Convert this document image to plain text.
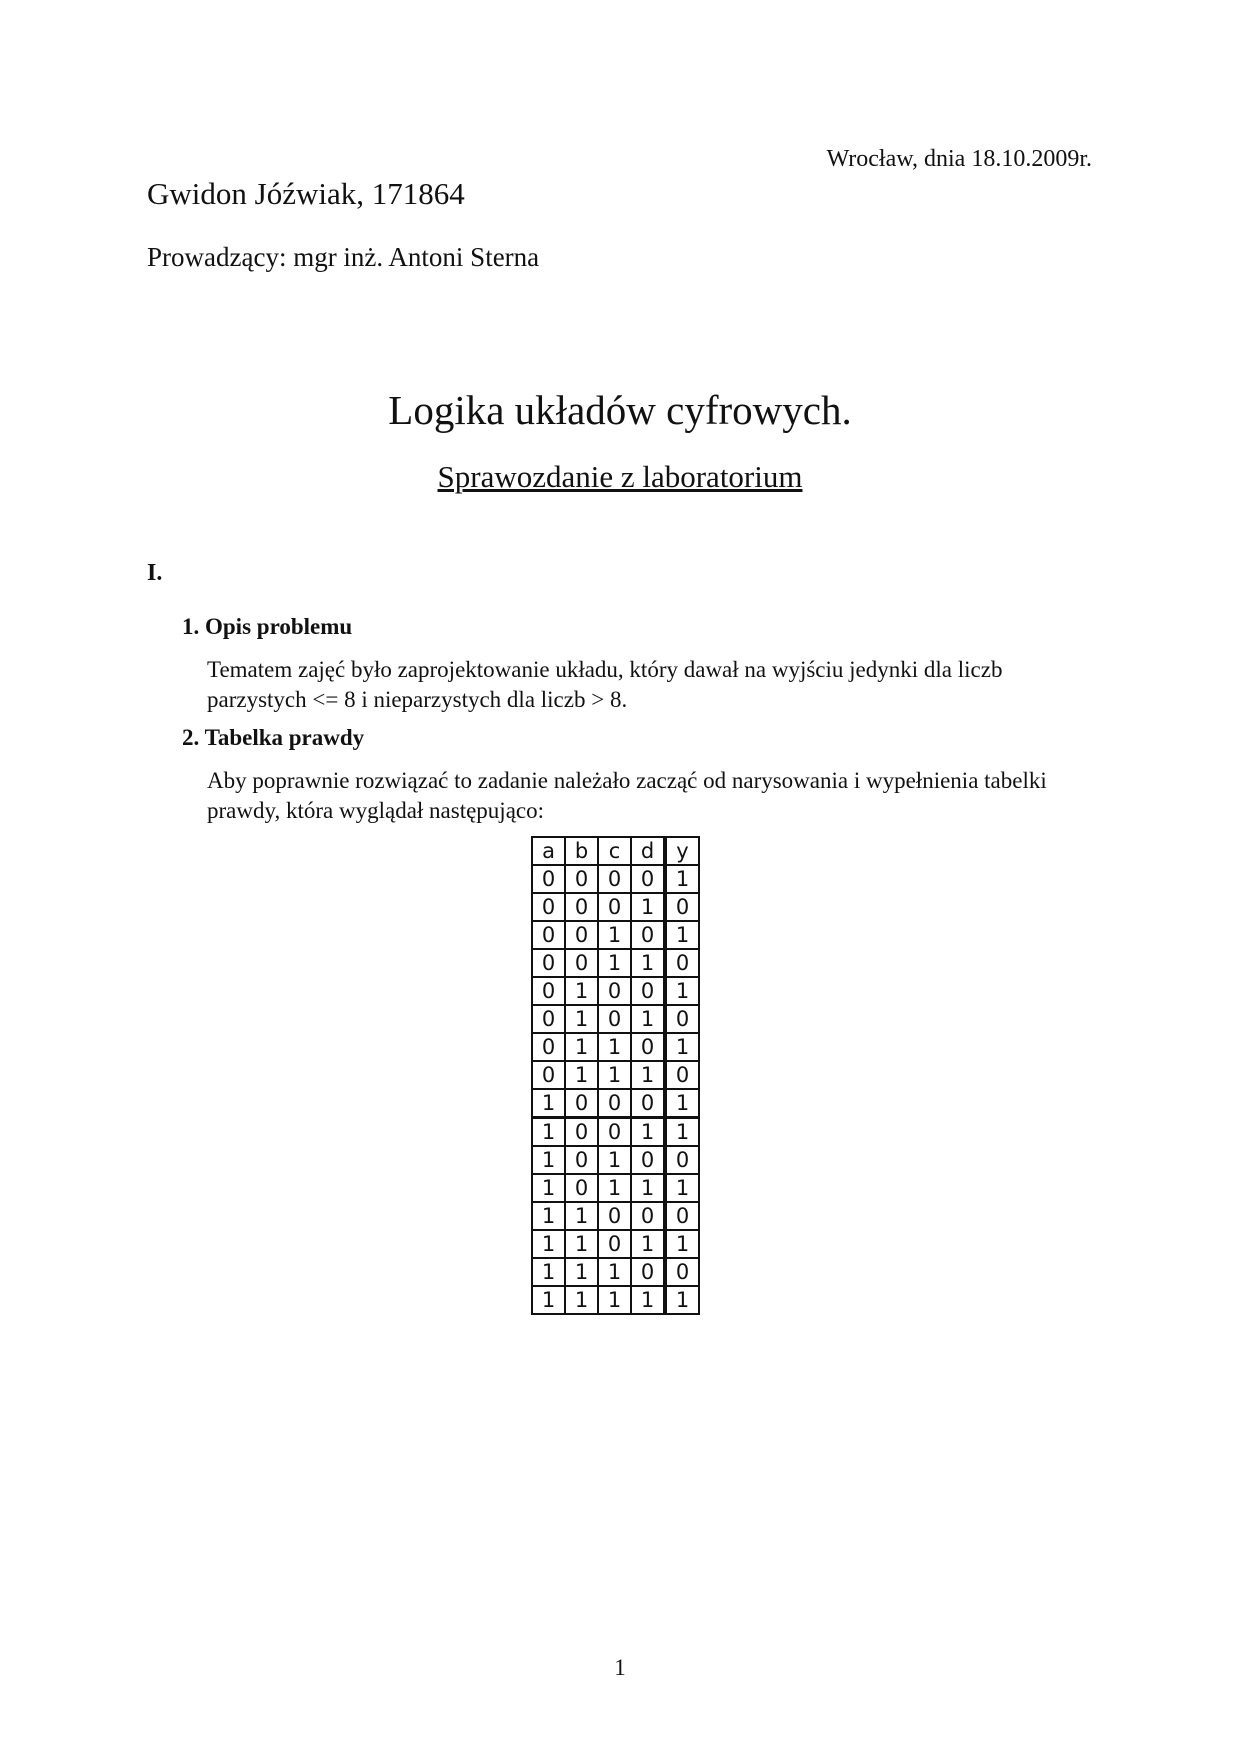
Wrocław, dnia 18.10.2009r.
Gwidon Jóźwiak, 171864
Prowadzący: mgr inż. Antoni Sterna
Logika układów cyfrowych.
Sprawozdanie z laboratorium
I.
1. Opis problemu
Tematem zajęć było zaprojektowanie układu, który dawał na wyjściu jedynki dla liczb parzystych <= 8 i nieparzystych dla liczb > 8.
2. Tabelka prawdy
Aby poprawnie rozwiązać to zadanie należało zacząć od narysowania i wypełnienia tabelki prawdy, która wyglądał następująco:
a	b	c	d	y
0	0	0	0	1
0	0	0	1	0
0	0	1	0	1
0	0	1	1	0
0	1	0	0	1
0	1	0	1	0
0	1	1	0	1
0	1	1	1	0
1	0	0	0	1
1	0	0	1	1
1	0	1	0	0
1	0	1	1	1
1	1	0	0	0
1	1	0	1	1
1	1	1	0	0
1	1	1	1	1
1
